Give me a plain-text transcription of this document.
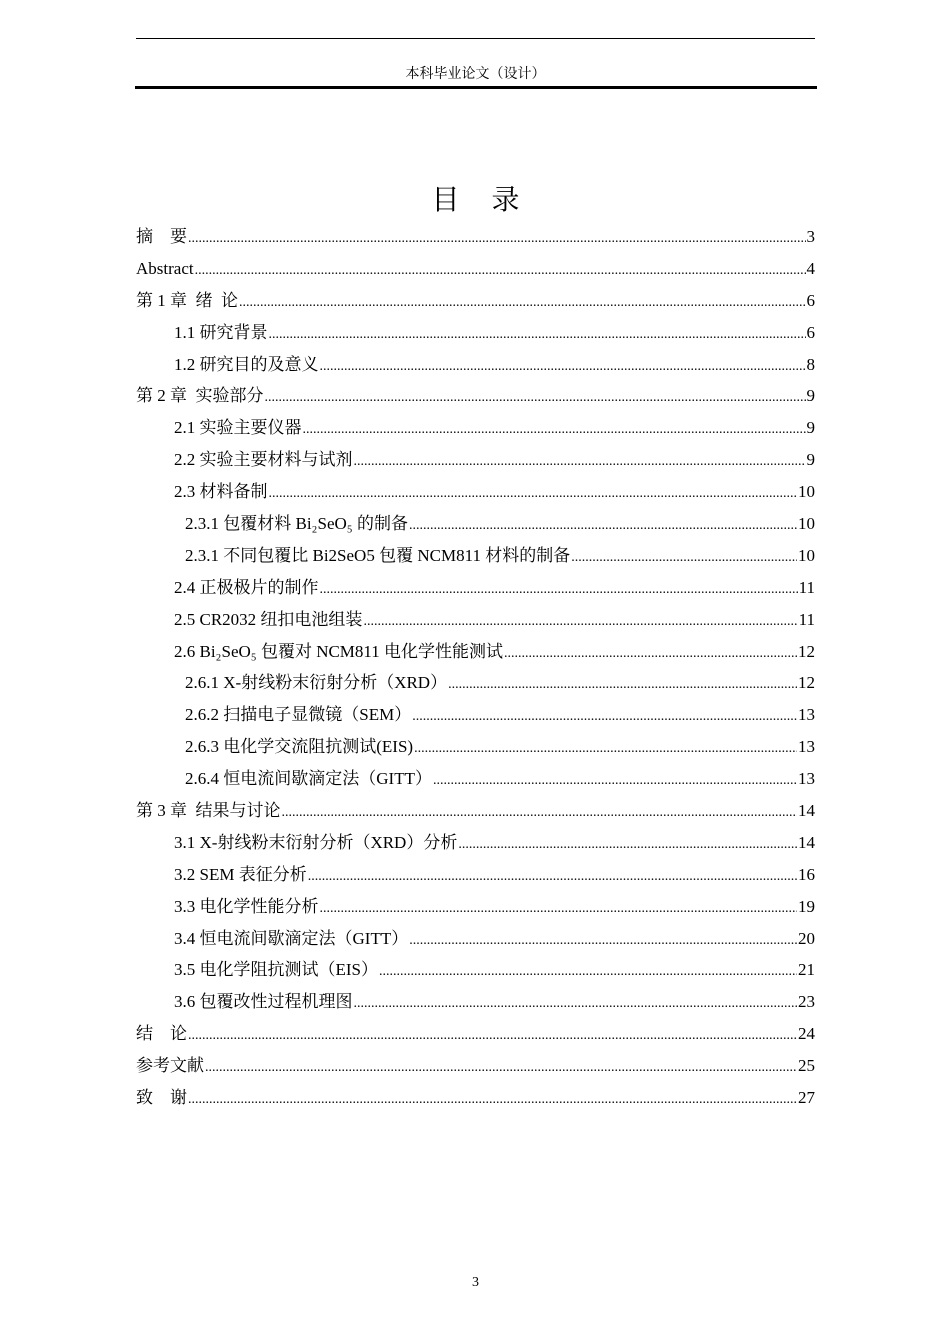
本科毕业论文（设计）
目录
摘　要 .....	3
Abstract .....	4
第 1 章 绪 论 .....	6
1.1 研究背景 .....	6
1.2 研究目的及意义 .....	8
第 2 章 实验部分 .....	9
2.1 实验主要仪器 .....	9
2.2 实验主要材料与试剂 .....	9
2.3 材料备制 .....	10
2.3.1 包覆材料 Bi₂SeO₅ 的制备 .....	10
2.3.1 不同包覆比 Bi2SeO5 包覆 NCM811 材料的制备 .....	10
2.4 正极极片的制作 .....	11
2.5 CR2032 纽扣电池组装 .....	11
2.6 Bi₂SeO₅ 包覆对 NCM811 电化学性能测试 .....	12
2.6.1 X-射线粉末衍射分析（XRD） .....	12
2.6.2 扫描电子显微镜（SEM） .....	13
2.6.3 电化学交流阻抗测试(EIS) .....	13
2.6.4 恒电流间歇滴定法（GITT） .....	13
第 3 章 结果与讨论 .....	14
3.1 X-射线粉末衍射分析（XRD）分析 .....	14
3.2 SEM 表征分析 .....	16
3.3 电化学性能分析 .....	19
3.4 恒电流间歇滴定法（GITT） .....	20
3.5 电化学阻抗测试（EIS） .....	21
3.6 包覆改性过程机理图 .....	23
结　论 .....	24
参考文献 .....	25
致　谢 .....	27
3
